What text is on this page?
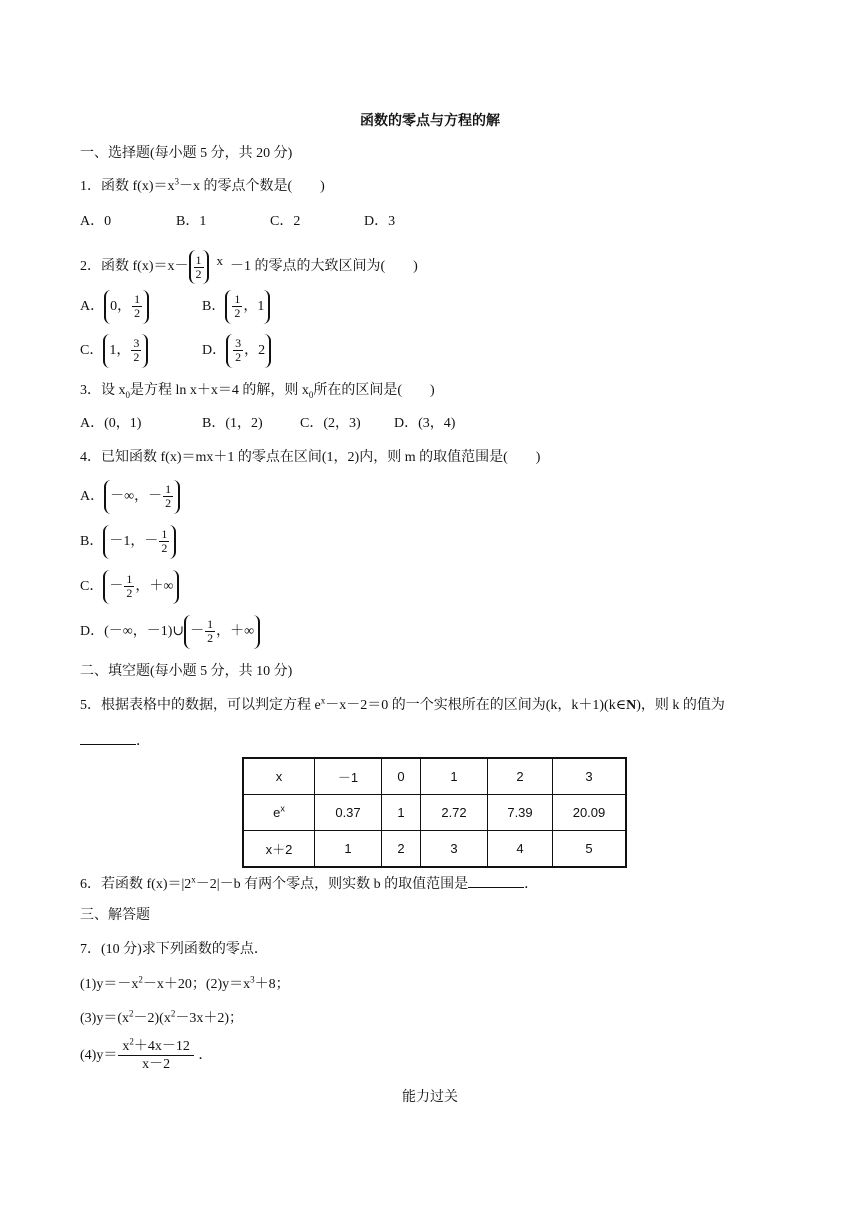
函数的零点与方程的解
一、选择题(每小题 5 分，共 20 分)
1．函数 $f(x)=x^3-x$ 的零点个数是(　　)
A．0	B．1	C．2	D．3
2．函数 $f(x)=x- \frac{1}{2}$ x －1 的零点的大致区间为(　　)
A． 0， $\frac{1}{2}$	B． $\frac{1}{2}$ ，1
C． 1， $\frac{3}{2}$	D． $\frac{3}{2}$ ，2
3．设 $x_0$是方程 ln x＋x＝4 的解，则 $x_0$所在的区间是(　　)
A．(0，1)	B．(1，2)	C．(2，3) D．(3，4)
4．已知函数 f(x)＝mx＋1 的零点在区间(1，2)内，则 m 的取值范围是(　　)
A． －∞，－ $\frac{1}{2}$
B． －1，－ $\frac{1}{2}$
C． － $\frac{1}{2}$ ，＋∞
D．(－∞，－1)∪ － $\frac{1}{2}$ ，＋∞
二、填空题(每小题 5 分，共 10 分)
5．根据表格中的数据，可以判定方程 $e^x-x-2=0$ 的一个实根所在的区间为(k，k＋1)(k∈N)，则 k 的值为
．
x	－1	0	1	2	3
$e^x$	0.37	1	2.72	7.39	20.09
x＋2	1	2	3	4	5
6．若函数 $f(x)=|2^x-2|-b$ 有两个零点，则实数 b 的取值范围是	．
三、解答题
7．(10 分)求下列函数的零点．
$(1)y=-x^2-x+20$；$(2)y=x^3+8$；
$(3)y=(x^2-2)(x^2-3x+2)$；
$(4)y= \frac{x^2+4x-12}{x-2}$ ．
能力过关
